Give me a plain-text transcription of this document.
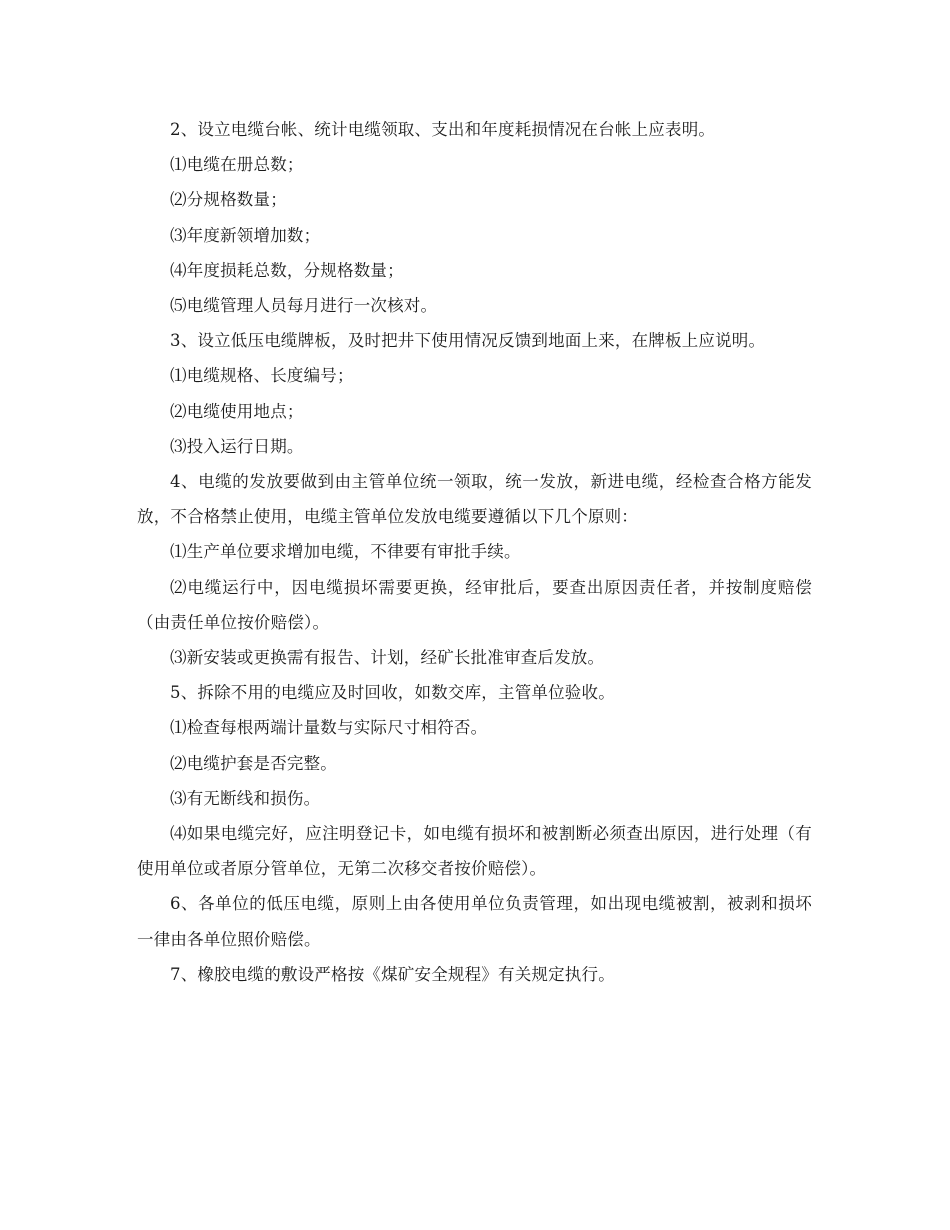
2、设立电缆台帐、统计电缆领取、支出和年度耗损情况在台帐上应表明。

⑴电缆在册总数；

⑵分规格数量；

⑶年度新领增加数；

⑷年度损耗总数，分规格数量；

⑸电缆管理人员每月进行一次核对。

3、设立低压电缆牌板，及时把井下使用情况反馈到地面上来，在牌板上应说明。

⑴电缆规格、长度编号；

⑵电缆使用地点；

⑶投入运行日期。

4、电缆的发放要做到由主管单位统一领取，统一发放，新进电缆，经检查合格方能发放，不合格禁止使用，电缆主管单位发放电缆要遵循以下几个原则：

⑴生产单位要求增加电缆，不律要有审批手续。

⑵电缆运行中，因电缆损坏需要更换，经审批后，要查出原因责任者，并按制度赔偿（由责任单位按价赔偿）。

⑶新安装或更换需有报告、计划，经矿长批准审查后发放。

5、拆除不用的电缆应及时回收，如数交库，主管单位验收。

⑴检查每根两端计量数与实际尺寸相符否。

⑵电缆护套是否完整。

⑶有无断线和损伤。

⑷如果电缆完好，应注明登记卡，如电缆有损坏和被割断必须查出原因，进行处理（有使用单位或者原分管单位，无第二次移交者按价赔偿）。

6、各单位的低压电缆，原则上由各使用单位负责管理，如出现电缆被割，被剥和损坏一律由各单位照价赔偿。

7、橡胶电缆的敷设严格按《煤矿安全规程》有关规定执行。
